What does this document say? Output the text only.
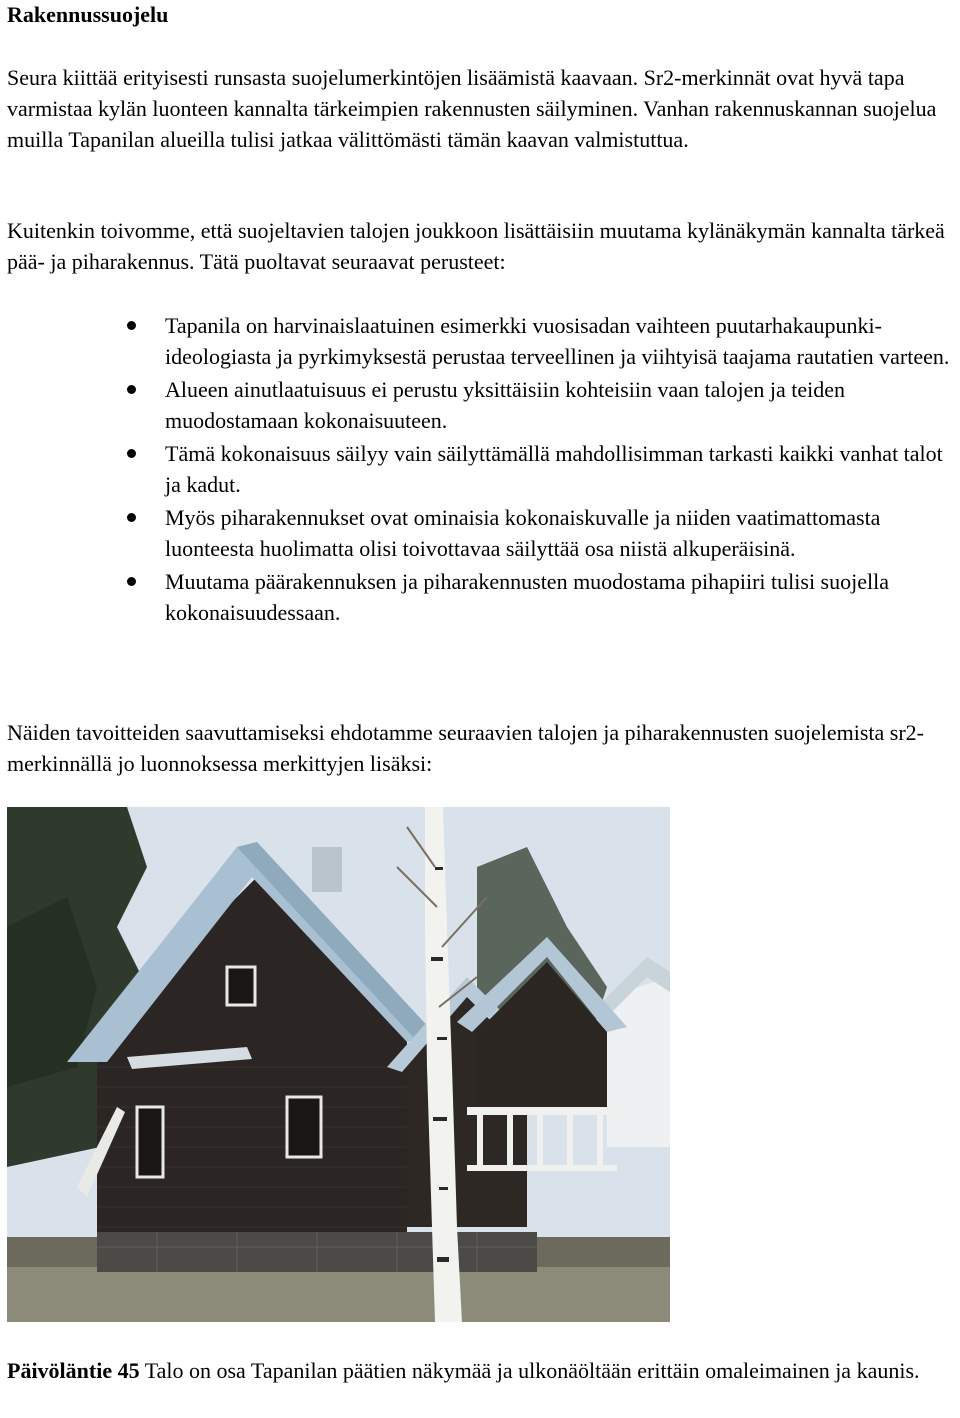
Rakennussuojelu

Seura kiittää erityisesti runsasta suojelumerkintöjen lisäämistä kaavaan. Sr2-merkinnät ovat hyvä tapa varmistaa kylän luonteen kannalta tärkeimpien rakennusten säilyminen. Vanhan rakennuskannan suojelua muilla Tapanilan alueilla tulisi jatkaa välittömästi tämän kaavan valmistuttua.

Kuitenkin toivomme, että suojeltavien talojen joukkoon lisättäisiin muutama kylänäkymän kannalta tärkeä pää- ja piharakennus. Tätä puoltavat seuraavat perusteet:

Tapanila on harvinaislaatuinen esimerkki vuosisadan vaihteen puutarhakaupunki-ideologiasta ja pyrkimyksestä perustaa terveellinen ja viihtyisä taajama rautatien varteen.
Alueen ainutlaatuisuus ei perustu yksittäisiin kohteisiin vaan talojen ja teiden muodostamaan kokonaisuuteen.
Tämä kokonaisuus säilyy vain säilyttämällä mahdollisimman tarkasti kaikki vanhat talot ja kadut.
Myös piharakennukset ovat ominaisia kokonaiskuvalle ja niiden vaatimattomasta luonteesta huolimatta olisi toivottavaa säilyttää osa niistä alkuperäisinä.
Muutama päärakennuksen ja piharakennusten muodostama pihapiiri tulisi suojella kokonaisuudessaan.

Näiden tavoitteiden saavuttamiseksi ehdotamme seuraavien talojen ja piharakennusten suojelemista sr2-merkinnällä jo luonnoksessa merkittyjen lisäksi:

Päivöläntie 45 Talo on osa Tapanilan päätien näkymää ja ulkonäöltään erittäin omaleimainen ja kaunis.
